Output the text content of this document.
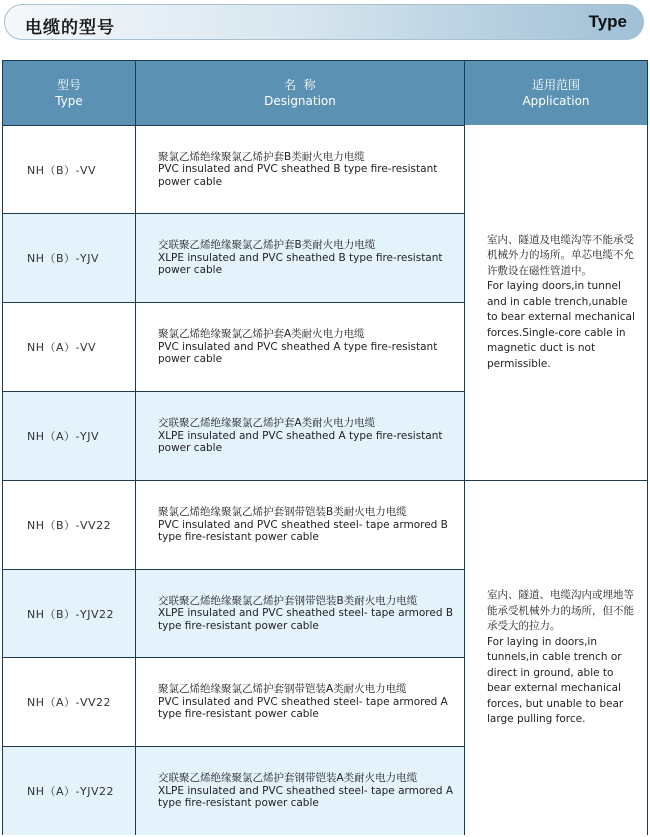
电缆的型号	Type
型号
Type
名  称
Designation
适用范围
Application
NH（B）-VV
聚氯乙烯绝缘聚氯乙烯护套B类耐火电力电缆
PVC insulated and PVC sheathed B type fire-resistant power cable
NH（B）-YJV
交联聚乙烯绝缘聚氯乙烯护套B类耐火电力电缆
XLPE insulated and PVC sheathed B type fire-resistant power cable
NH（A）-VV
聚氯乙烯绝缘聚氯乙烯护套A类耐火电力电缆
PVC insulated and PVC sheathed A type fire-resistant power cable
NH（A）-YJV
交联聚乙烯绝缘聚氯乙烯护套A类耐火电力电缆
XLPE insulated and PVC sheathed A type fire-resistant power cable
NH（B）-VV22
聚氯乙烯绝缘聚氯乙烯护套钢带铠装B类耐火电力电缆
PVC insulated and PVC sheathed steel- tape armored B type fire-resistant power cable
NH（B）-YJV22
交联聚乙烯绝缘聚氯乙烯护套钢带铠装B类耐火电力电缆
XLPE insulated and PVC sheathed steel- tape armored B type fire-resistant power cable
NH（A）-VV22
聚氯乙烯绝缘聚氯乙烯护套钢带铠装A类耐火电力电缆
PVC insulated and PVC sheathed steel- tape armored A type fire-resistant power cable
NH（A）-YJV22
交联聚乙烯绝缘聚氯乙烯护套钢带铠装A类耐火电力电缆
XLPE insulated and PVC sheathed steel- tape armored A type fire-resistant power cable

室内、隧道及电缆沟等不能承受机械外力的场所。单芯电缆不允许敷设在磁性管道中。

For laying doors,in tunnel and in cable trench,unable to bear external mechanical forces.Single-core cable in magnetic duct is not permissible.

室内、隧道、电缆沟内或埋地等能承受机械外力的场所，但不能承受大的拉力。

For laying in doors,in tunnels,in cable trench or direct in ground, able to bear external mechanical forces, but unable to bear large pulling force.
